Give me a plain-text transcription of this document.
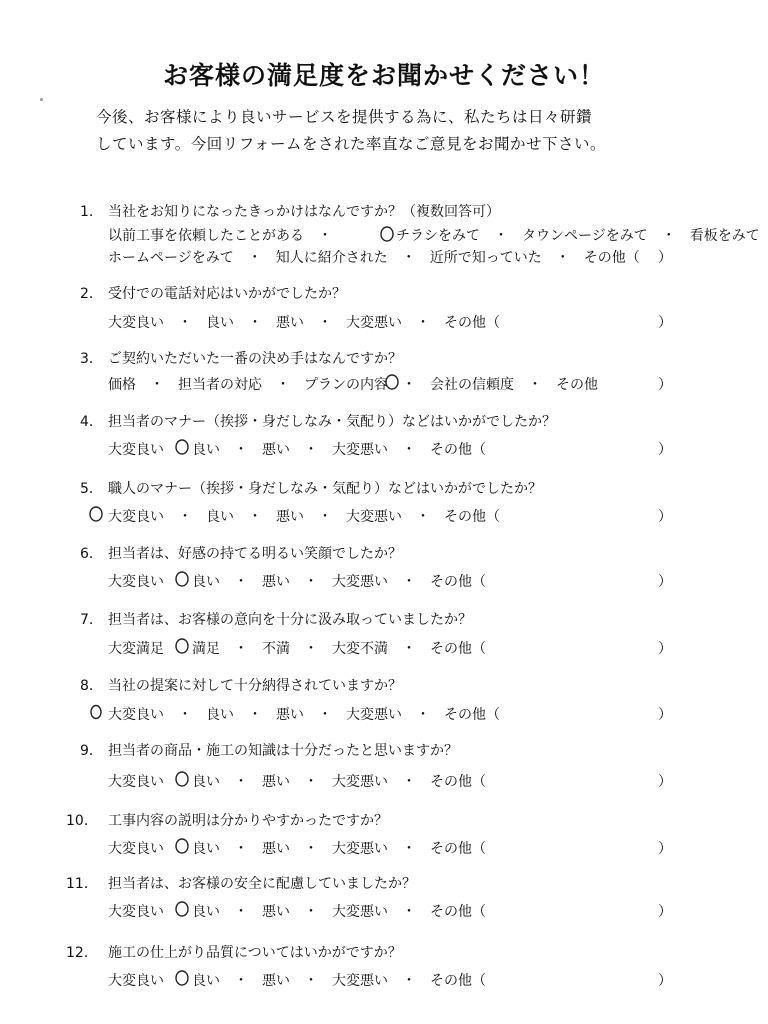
お客様の満足度をお聞かせください！
今後、お客様により良いサービスを提供する為に、私たちは日々研鑽
しています。今回リフォームをされた率直なご意見をお聞かせ下さい。
1． 当社をお知りになったきっかけはなんですか？（複数回答可）
以前工事を依頼したことがある　・	チラシをみて　・　タウンページをみて　・　看板をみて
ホームページをみて　・　知人に紹介された　・　近所で知っていた　・　その他（ ）
2． 受付での電話対応はいかがでしたか？
大変良い　・　良い　・　悪い　・　大変悪い　・　その他（	）
3． ご契約いただいた一番の決め手はなんですか？
価格　・　担当者の対応　・　プランの内容　・　会社の信頼度　・　その他	）
4． 担当者のマナー（挨拶・身だしなみ・気配り）などはいかがでしたか？
大変良い　　良い　・　悪い　・　大変悪い　・　その他（	）
5． 職人のマナー（挨拶・身だしなみ・気配り）などはいかがでしたか？
大変良い　・　良い　・　悪い　・　大変悪い　・　その他（	）
6． 担当者は、好感の持てる明るい笑顔でしたか？
大変良い　　良い　・　悪い　・　大変悪い　・　その他（	）
7． 担当者は、お客様の意向を十分に汲み取っていましたか？
大変満足　　満足　・　不満　・　大変不満　・　その他（	）
8． 当社の提案に対して十分納得されていますか？
大変良い　・　良い　・　悪い　・　大変悪い　・　その他（	）
9． 担当者の商品・施工の知識は十分だったと思いますか？
大変良い　　良い　・　悪い　・　大変悪い　・　その他（	）
10． 工事内容の説明は分かりやすかったですか？
大変良い　　良い　・　悪い　・　大変悪い　・　その他（	）
11． 担当者は、お客様の安全に配慮していましたか？
大変良い　　良い　・　悪い　・　大変悪い　・　その他（	）
12． 施工の仕上がり品質についてはいかがですか？
大変良い　　良い　・　悪い　・　大変悪い　・　その他（	）
